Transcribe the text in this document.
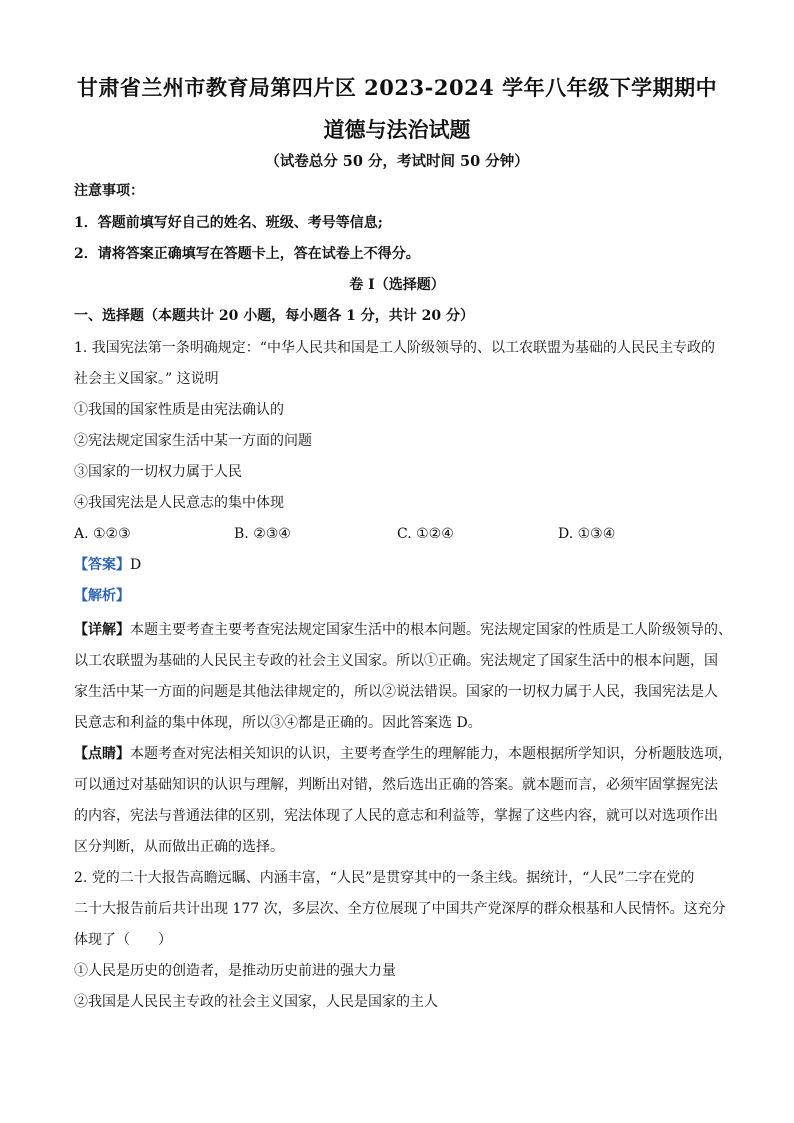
甘肃省兰州市教育局第四片区 2023-2024 学年八年级下学期期中
道德与法治试题
（试卷总分 50 分，考试时间 50 分钟）
注意事项：
1．答题前填写好自己的姓名、班级、考号等信息;
2．请将答案正确填写在答题卡上，答在试卷上不得分。
卷 I（选择题）
一、选择题（本题共计 20 小题，每小题各 1 分，共计 20 分）
1. 我国宪法第一条明确规定：“中华人民共和国是工人阶级领导的、以工农联盟为基础的人民民主专政的
社会主义国家。” 这说明
①我国的国家性质是由宪法确认的
②宪法规定国家生活中某一方面的问题
③国家的一切权力属于人民
④我国宪法是人民意志的集中体现
A. ①②③	B. ②③④	C. ①②④	D. ①③④
【答案】D
【解析】
【详解】本题主要考查主要考查宪法规定国家生活中的根本问题。宪法规定国家的性质是工人阶级领导的、
以工农联盟为基础的人民民主专政的社会主义国家。所以①正确。宪法规定了国家生活中的根本问题，国
家生活中某一方面的问题是其他法律规定的，所以②说法错误。国家的一切权力属于人民，我国宪法是人
民意志和利益的集中体现，所以③④都是正确的。因此答案选 D。
【点睛】本题考查对宪法相关知识的认识，主要考查学生的理解能力，本题根据所学知识，分析题肢选项，
可以通过对基础知识的认识与理解，判断出对错，然后选出正确的答案。就本题而言，必须牢固掌握宪法
的内容，宪法与普通法律的区别，宪法体现了人民的意志和利益等，掌握了这些内容，就可以对选项作出
区分判断，从而做出正确的选择。
2. 党的二十大报告高瞻远瞩、内涵丰富，“人民”是贯穿其中的一条主线。据统计，“人民”二字在党的
二十大报告前后共计出现 177 次，多层次、全方位展现了中国共产党深厚的群众根基和人民情怀。这充分
体现了（　　）
①人民是历史的创造者，是推动历史前进的强大力量
②我国是人民民主专政的社会主义国家，人民是国家的主人
